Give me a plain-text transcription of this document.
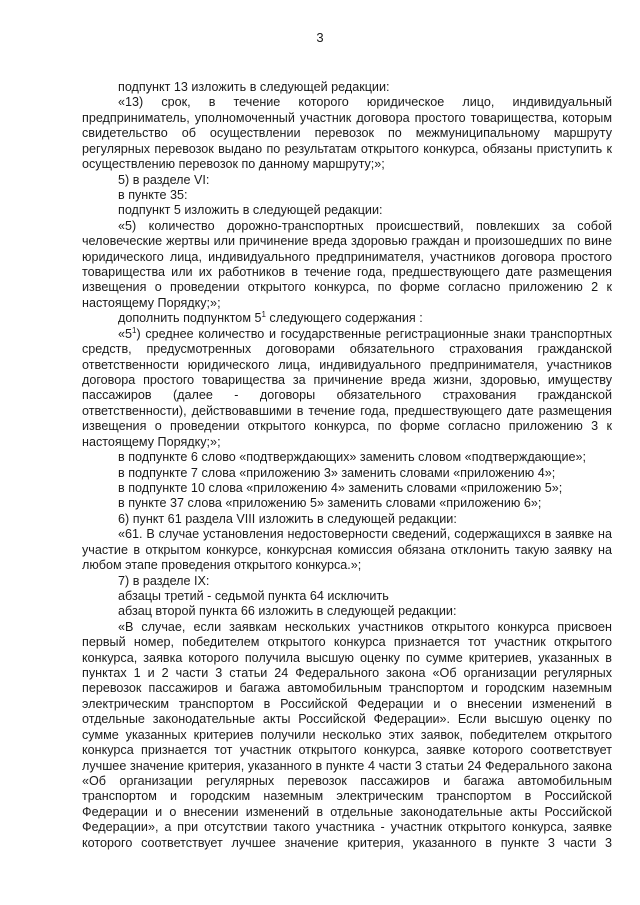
3

подпункт 13 изложить в следующей редакции:

«13) срок, в течение которого юридическое лицо, индивидуальный предприниматель, уполномоченный участник договора простого товарищества, которым свидетельство об осуществлении перевозок по межмуниципальному маршруту регулярных перевозок выдано по результатам открытого конкурса, обязаны приступить к осуществлению перевозок по данному маршруту;»;

5) в разделе VI:

в пункте 35:

подпункт 5 изложить в следующей редакции:

«5) количество дорожно-транспортных происшествий, повлекших за собой человеческие жертвы или причинение вреда здоровью граждан и произошедших по вине юридического лица, индивидуального предпринимателя, участников договора простого товарищества или их работников в течение года, предшествующего дате размещения извещения о проведении открытого конкурса, по форме согласно приложению 2 к настоящему Порядку;»;

дополнить подпунктом $5^1$ следующего содержания :

«$5^1$) среднее количество и государственные регистрационные знаки транспортных средств, предусмотренных договорами обязательного страхования гражданской ответственности юридического лица, индивидуального предпринимателя, участников договора простого товарищества за причинение вреда жизни, здоровью, имуществу пассажиров (далее - договоры обязательного страхования гражданской ответственности), действовавшими в течение года, предшествующего дате размещения извещения о проведении открытого конкурса, по форме согласно приложению 3 к настоящему Порядку;»;

в подпункте 6 слово «подтверждающих» заменить словом «подтверждающие»;

в подпункте 7 слова «приложению 3» заменить словами «приложению 4»;

в подпункте 10 слова «приложению 4» заменить словами «приложению 5»;

в пункте 37 слова «приложению 5» заменить словами «приложению 6»;

6) пункт 61 раздела VIII изложить в следующей редакции:

«61. В случае установления недостоверности сведений, содержащихся в заявке на участие в открытом конкурсе, конкурсная комиссия обязана отклонить такую заявку на любом этапе проведения открытого конкурса.»;

7) в разделе IX:

абзацы третий - седьмой пункта 64 исключить

абзац второй пункта 66 изложить в следующей редакции:

«В случае, если заявкам нескольких участников открытого конкурса присвоен первый номер, победителем открытого конкурса признается тот участник открытого конкурса, заявка которого получила высшую оценку по сумме критериев, указанных в пунктах 1 и 2 части 3 статьи 24 Федерального закона «Об организации регулярных перевозок пассажиров и багажа автомобильным транспортом и городским наземным электрическим транспортом в Российской Федерации и о внесении изменений в отдельные законодательные акты Российской Федерации». Если высшую оценку по сумме указанных критериев получили несколько этих заявок, победителем открытого конкурса признается тот участник открытого конкурса, заявке которого соответствует лучшее значение критерия, указанного в пункте 4 части 3 статьи 24 Федерального закона «Об организации регулярных перевозок пассажиров и багажа автомобильным транспортом и городским наземным электрическим транспортом в Российской Федерации и о внесении изменений в отдельные законодательные акты Российской Федерации», а при отсутствии такого участника - участник открытого конкурса, заявке которого соответствует лучшее значение критерия, указанного в пункте 3 части 3
